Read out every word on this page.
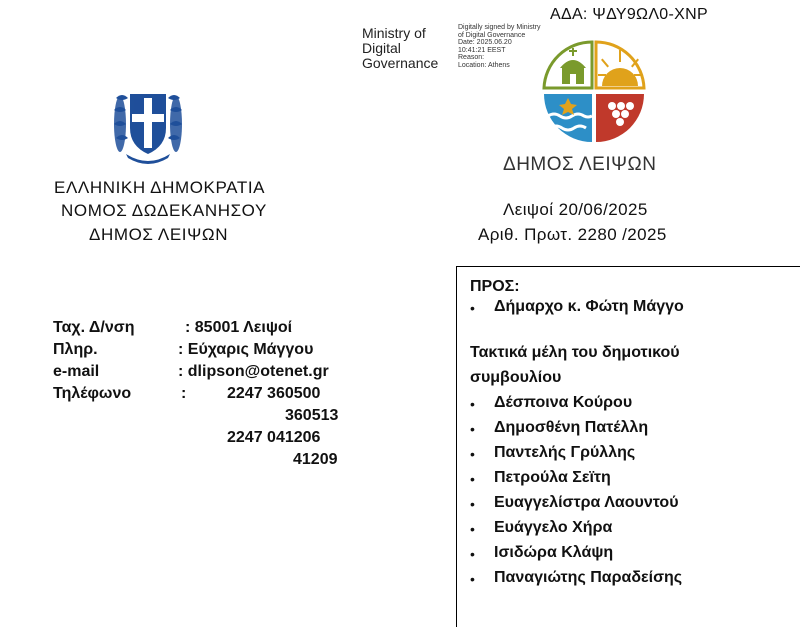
ΑΔΑ: ΨΔΥ9ΩΛ0-ΧΝΡ
Ministry of
Digital
Governance
Digitally signed by Ministry
of Digital Governance
Date: 2025.06.20
10:41:21 EEST
Reason:
Location: Athens
ΔΗΜΟΣ ΛΕΙΨΩΝ
ΕΛΛΗΝΙΚΗ ΔΗΜΟΚΡΑΤΙΑ
ΝΟΜΟΣ ΔΩΔΕΚΑΝΗΣΟΥ
ΔΗΜΟΣ ΛΕΙΨΩΝ
Λειψοί 20/06/2025
Αριθ. Πρωτ. 2280 /2025
Ταχ. Δ/νση	: 85001 Λειψοί
Πληρ.	: Εύχαρις Μάγγου
e-mail	: dlipson@otenet.gr
Τηλέφωνο	:	2247 360500
360513
2247 041206
41209
ΠΡΟΣ:
• Δήμαρχο κ. Φώτη Μάγγο
Τακτικά μέλη του δημοτικού
συμβουλίου
• Δέσποινα Κούρου
• Δημοσθένη Πατέλλη
• Παντελής Γρύλλης
• Πετρούλα Σεϊτη
• Ευαγγελίστρα Λαουντού
• Ευάγγελο Χήρα
• Ισιδώρα Κλάψη
• Παναγιώτης Παραδείσης
